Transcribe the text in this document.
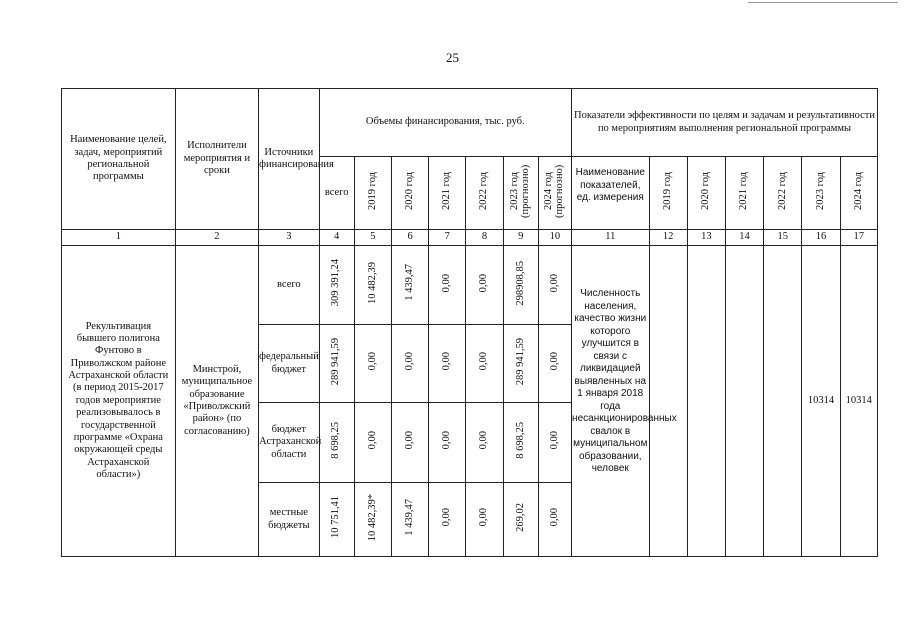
25
Наименование целей, задач, мероприятий региональной программы	Исполнители мероприятия и сроки	Источники финансирования	Объемы финансирования, тыс. руб.							Показатели эффективности по целям и задачам и результативности по мероприятиям выполнения региональной программы						
			всего	2019 год	2020 год	2021 год	2022 год	2023 год (прогнозно)	2024 год (прогнозно)	Наименование показателей, ед. измерения	2019 год	2020 год	2021 год	2022 год	2023 год	2024 год
1	2	3	4	5	6	7	8	9	10	11	12	13	14	15	16	17
Рекультивация бывшего полигона Фунтово в Приволжском районе Астраханской области (в период 2015-2017 годов мероприятие реализовывалось в государственной программе «Охрана окружающей среды Астраханской области»)	Минстрой, муниципальное образование «Приволжский район» (по согласованию)	всего	309 391,24	10 482,39	1 439,47	0,00	0,00	298908,85	0,00	Численность населения, качество жизни которого улучшится в связи с ликвидацией выявленных на 1 января 2018 года несанкционированных свалок в муниципальном образовании, человек					10314	10314
		федеральный бюджет	289 941,59	0,00	0,00	0,00	0,00	289 941,59	0,00							
		бюджет Астраханской области	8 698,25	0,00	0,00	0,00	0,00	8 698,25	0,00							
		местные бюджеты	10 751,41	10 482,39*	1 439,47	0,00	0,00	269,02	0,00							
